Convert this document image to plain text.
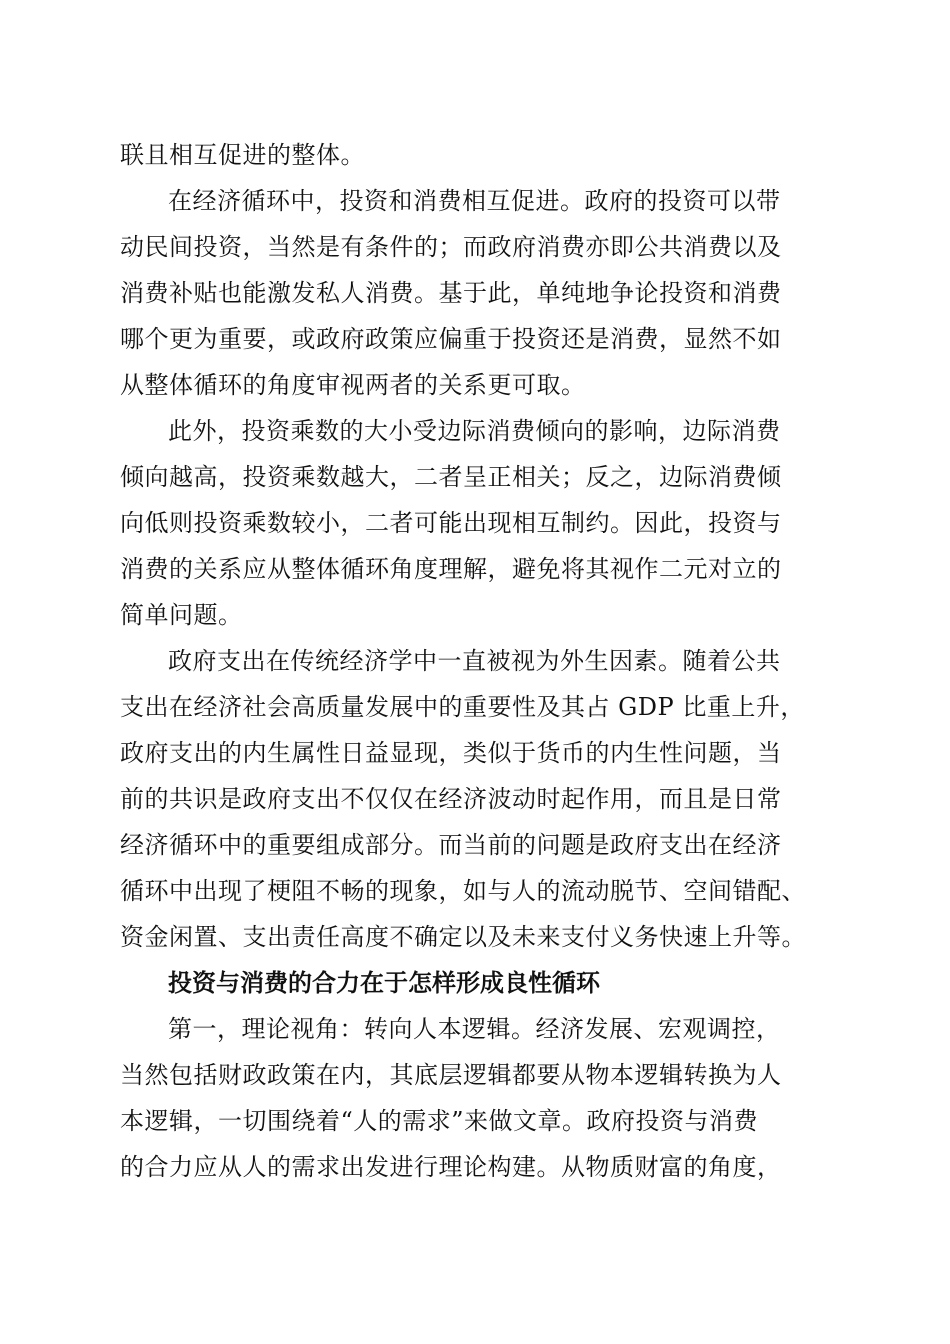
联且相互促进的整体。
在经济循环中，投资和消费相互促进。政府的投资可以带
动民间投资，当然是有条件的；而政府消费亦即公共消费以及
消费补贴也能激发私人消费。基于此，单纯地争论投资和消费
哪个更为重要，或政府政策应偏重于投资还是消费，显然不如
从整体循环的角度审视两者的关系更可取。
此外，投资乘数的大小受边际消费倾向的影响，边际消费
倾向越高，投资乘数越大，二者呈正相关；反之，边际消费倾
向低则投资乘数较小，二者可能出现相互制约。因此，投资与
消费的关系应从整体循环角度理解，避免将其视作二元对立的
简单问题。
政府支出在传统经济学中一直被视为外生因素。随着公共
支出在经济社会高质量发展中的重要性及其占 GDP 比重上升，
政府支出的内生属性日益显现，类似于货币的内生性问题，当
前的共识是政府支出不仅仅在经济波动时起作用，而且是日常
经济循环中的重要组成部分。而当前的问题是政府支出在经济
循环中出现了梗阻不畅的现象，如与人的流动脱节、空间错配、
资金闲置、支出责任高度不确定以及未来支付义务快速上升等。
投资与消费的合力在于怎样形成良性循环
第一，理论视角：转向人本逻辑。经济发展、宏观调控，
当然包括财政政策在内，其底层逻辑都要从物本逻辑转换为人
本逻辑，一切围绕着“人的需求”来做文章。政府投资与消费
的合力应从人的需求出发进行理论构建。从物质财富的角度，
